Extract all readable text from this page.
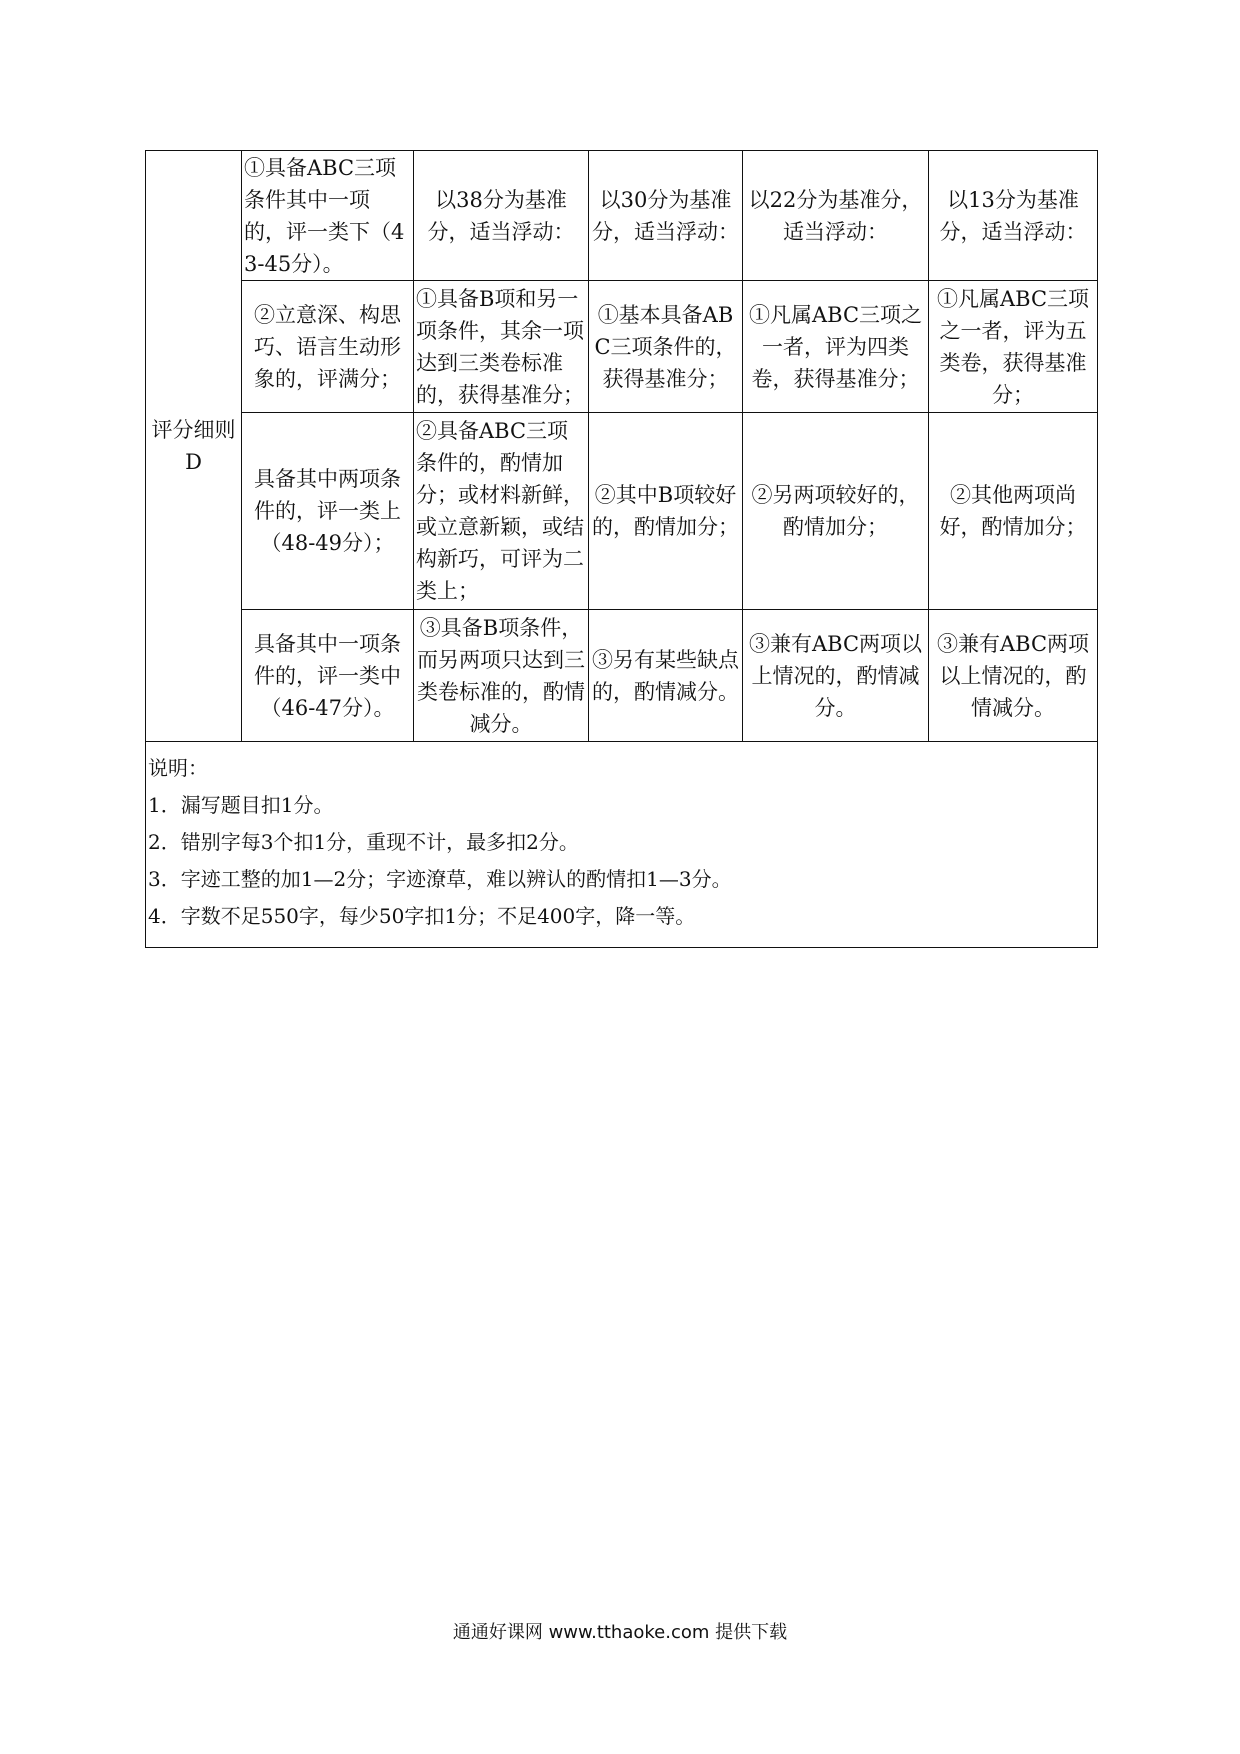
评分细则D	①具备ABC三项条件其中一项的，评一类下（43-45分）。	以38分为基准分，适当浮动：	以30分为基准分，适当浮动：	以22分为基准分，适当浮动：	以13分为基准分，适当浮动：
	②立意深、构思巧、语言生动形象的，评满分；	①具备B项和另一项条件，其余一项达到三类卷标准的，获得基准分；	①基本具备ABC三项条件的，获得基准分；	①凡属ABC三项之一者，评为四类卷，获得基准分；	①凡属ABC三项之一者，评为五类卷，获得基准分；
	具备其中两项条件的，评一类上（48-49分）；	②具备ABC三项条件的，酌情加分；或材料新鲜，或立意新颖，或结构新巧，可评为二类上；	②其中B项较好的，酌情加分；	②另两项较好的，酌情加分；	②其他两项尚好，酌情加分；
	具备其中一项条件的，评一类中（46-47分）。	③具备B项条件，而另两项只达到三类卷标准的，酌情减分。	③另有某些缺点的，酌情减分。	③兼有ABC两项以上情况的，酌情减分。	③兼有ABC两项以上情况的，酌情减分。

说明：
1．漏写题目扣1分。
2．错别字每3个扣1分，重现不计，最多扣2分。
3．字迹工整的加1—2分；字迹潦草，难以辨认的酌情扣1—3分。
4．字数不足550字，每少50字扣1分；不足400字，降一等。					
通通好课网 www.tthaoke.com 提供下载
